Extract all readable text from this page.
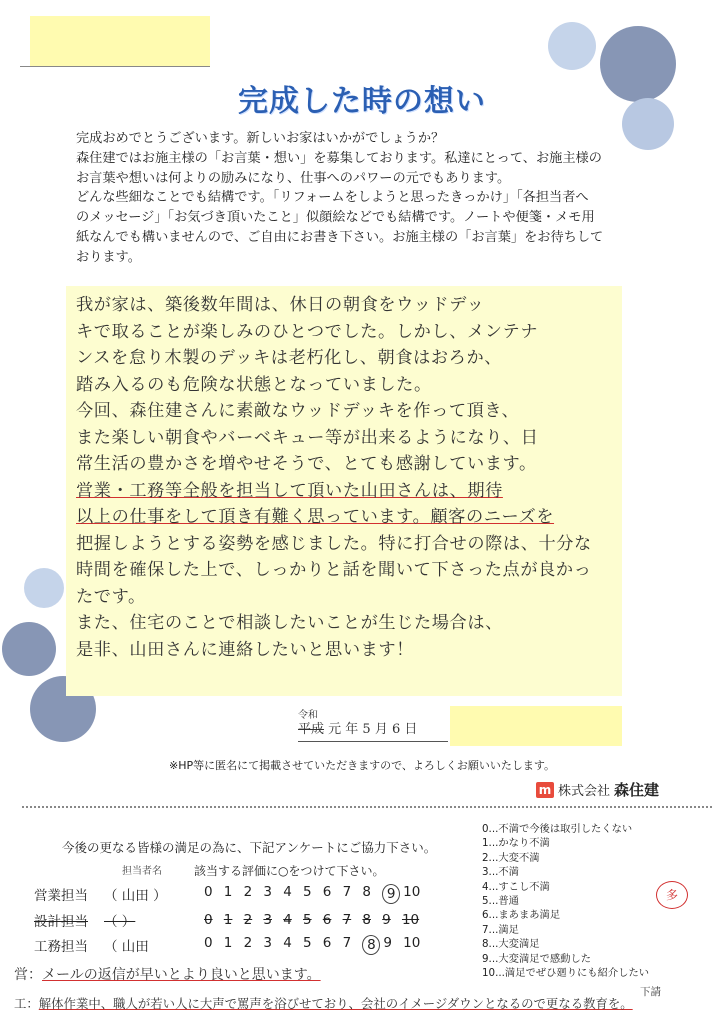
完成した時の想い
完成おめでとうございます。新しいお家はいかがでしょうか？
森住建ではお施主様の「お言葉・想い」を募集しております。私達にとって、お施主様の
お言葉や想いは何よりの励みになり、仕事へのパワーの元でもあります。
どんな些細なことでも結構です。「リフォームをしようと思ったきっかけ」「各担当者へ
のメッセージ」「お気づき頂いたこと」似顔絵などでも結構です。ノートや便箋・メモ用
紙なんでも構いませんので、ご自由にお書き下さい。お施主様の「お言葉」をお待ちして
おります。
我が家は、築後数年間は、休日の朝食をウッドデッ
キで取ることが楽しみのひとつでした。しかし、メンテナ
ンスを怠り木製のデッキは老朽化し、朝食はおろか、
踏み入るのも危険な状態となっていました。
今回、森住建さんに素敵なウッドデッキを作って頂き、
また楽しい朝食やバーベキュー等が出来るようになり、日
常生活の豊かさを増やせそうで、とても感謝しています。
営業・工務等全般を担当して頂いた山田さんは、期待
以上の仕事をして頂き有難く思っています。顧客のニーズを
把握しようとする姿勢を感じました。特に打合せの際は、十分な
時間を確保した上で、しっかりと話を聞いて下さった点が良かっ
たです。
また、住宅のことで相談したいことが生じた場合は、
是非、山田さんに連絡したいと思います！
令和
平成 元 年 5 月 6 日
※HP等に匿名にて掲載させていただきますので、よろしくお願いいたします。
m 株式会社 森住建
今後の更なる皆様の満足の為に、下記アンケートにご協力下さい。
担当者名	該当する評価に○をつけて下さい。
営業担当	（ 山田 ）	0 1 2 3 4 5 6 7 8	9 10
設計担当	（ ）	0 1 2 3 4 5 6 7 8 9 10
工務担当	（ 山田	0 1 2 3 4 5 6 7	8 9 10
0...不満で今後は取引したくない
1...かなり不満
2...大変不満
3...不満
4...すこし不満
5...普通
6...まあまあ満足
7...満足
8...大変満足
9...大変満足で感動した
10...満足でぜひ廻りにも紹介したい
多
営：メールの返信が早いとより良いと思います。
工：解体作業中、職人が若い人に大声で罵声を浴びせており、会社のイメージダウンとなるので更なる教育を。
下請
